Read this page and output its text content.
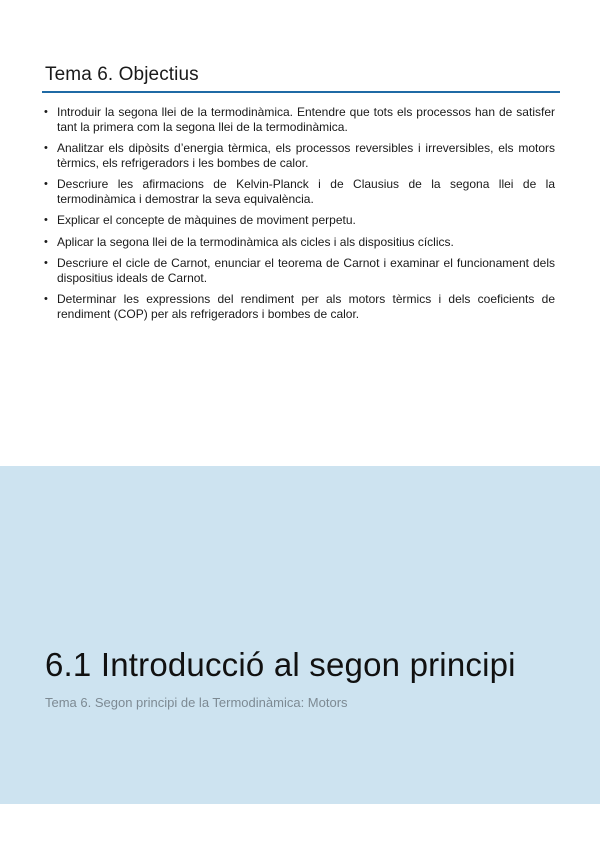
Tema 6. Objectius
• Introduir la segona llei de la termodinàmica. Entendre que tots els processos han de satisfer tant la primera com la segona llei de la termodinàmica.
• Analitzar els dipòsits d’energia tèrmica, els processos reversibles i irreversibles, els motors tèrmics, els refrigeradors i les bombes de calor.
• Descriure les afirmacions de Kelvin-Planck i de Clausius de la segona llei de la termodinàmica i demostrar la seva equivalència.
• Explicar el concepte de màquines de moviment perpetu.
• Aplicar la segona llei de la termodinàmica als cicles i als dispositius cíclics.
• Descriure el cicle de Carnot, enunciar el teorema de Carnot i examinar el funcionament dels dispositius ideals de Carnot.
• Determinar les expressions del rendiment per als motors tèrmics i dels coeficients de rendiment (COP) per als refrigeradors i bombes de calor.
6.1 Introducció al segon principi
Tema 6. Segon principi de la Termodinàmica: Motors
